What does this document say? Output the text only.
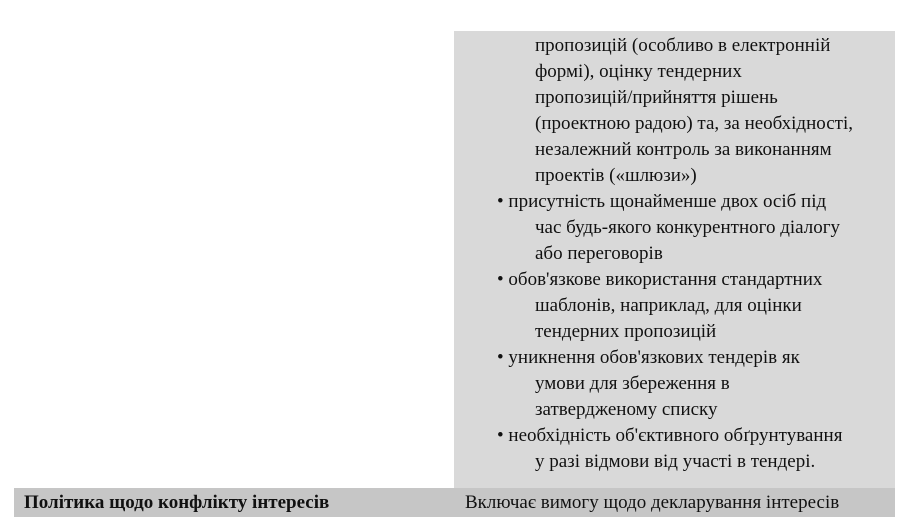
пропозицій (особливо в електронній
формі), оцінку тендерних
пропозицій/прийняття рішень
(проектною радою) та, за необхідності,
незалежний контроль за виконанням
проектів («шлюзи»)
• присутність щонайменше двох осіб під
час будь-якого конкурентного діалогу
або переговорів
• обов'язкове використання стандартних
шаблонів, наприклад, для оцінки
тендерних пропозицій
• уникнення обов'язкових тендерів як
умови для збереження в
затвердженому списку
• необхідність об'єктивного обґрунтування
у разі відмови від участі в тендері.
Політика щодо конфлікту інтересів	Включає вимогу щодо декларування інтересів
